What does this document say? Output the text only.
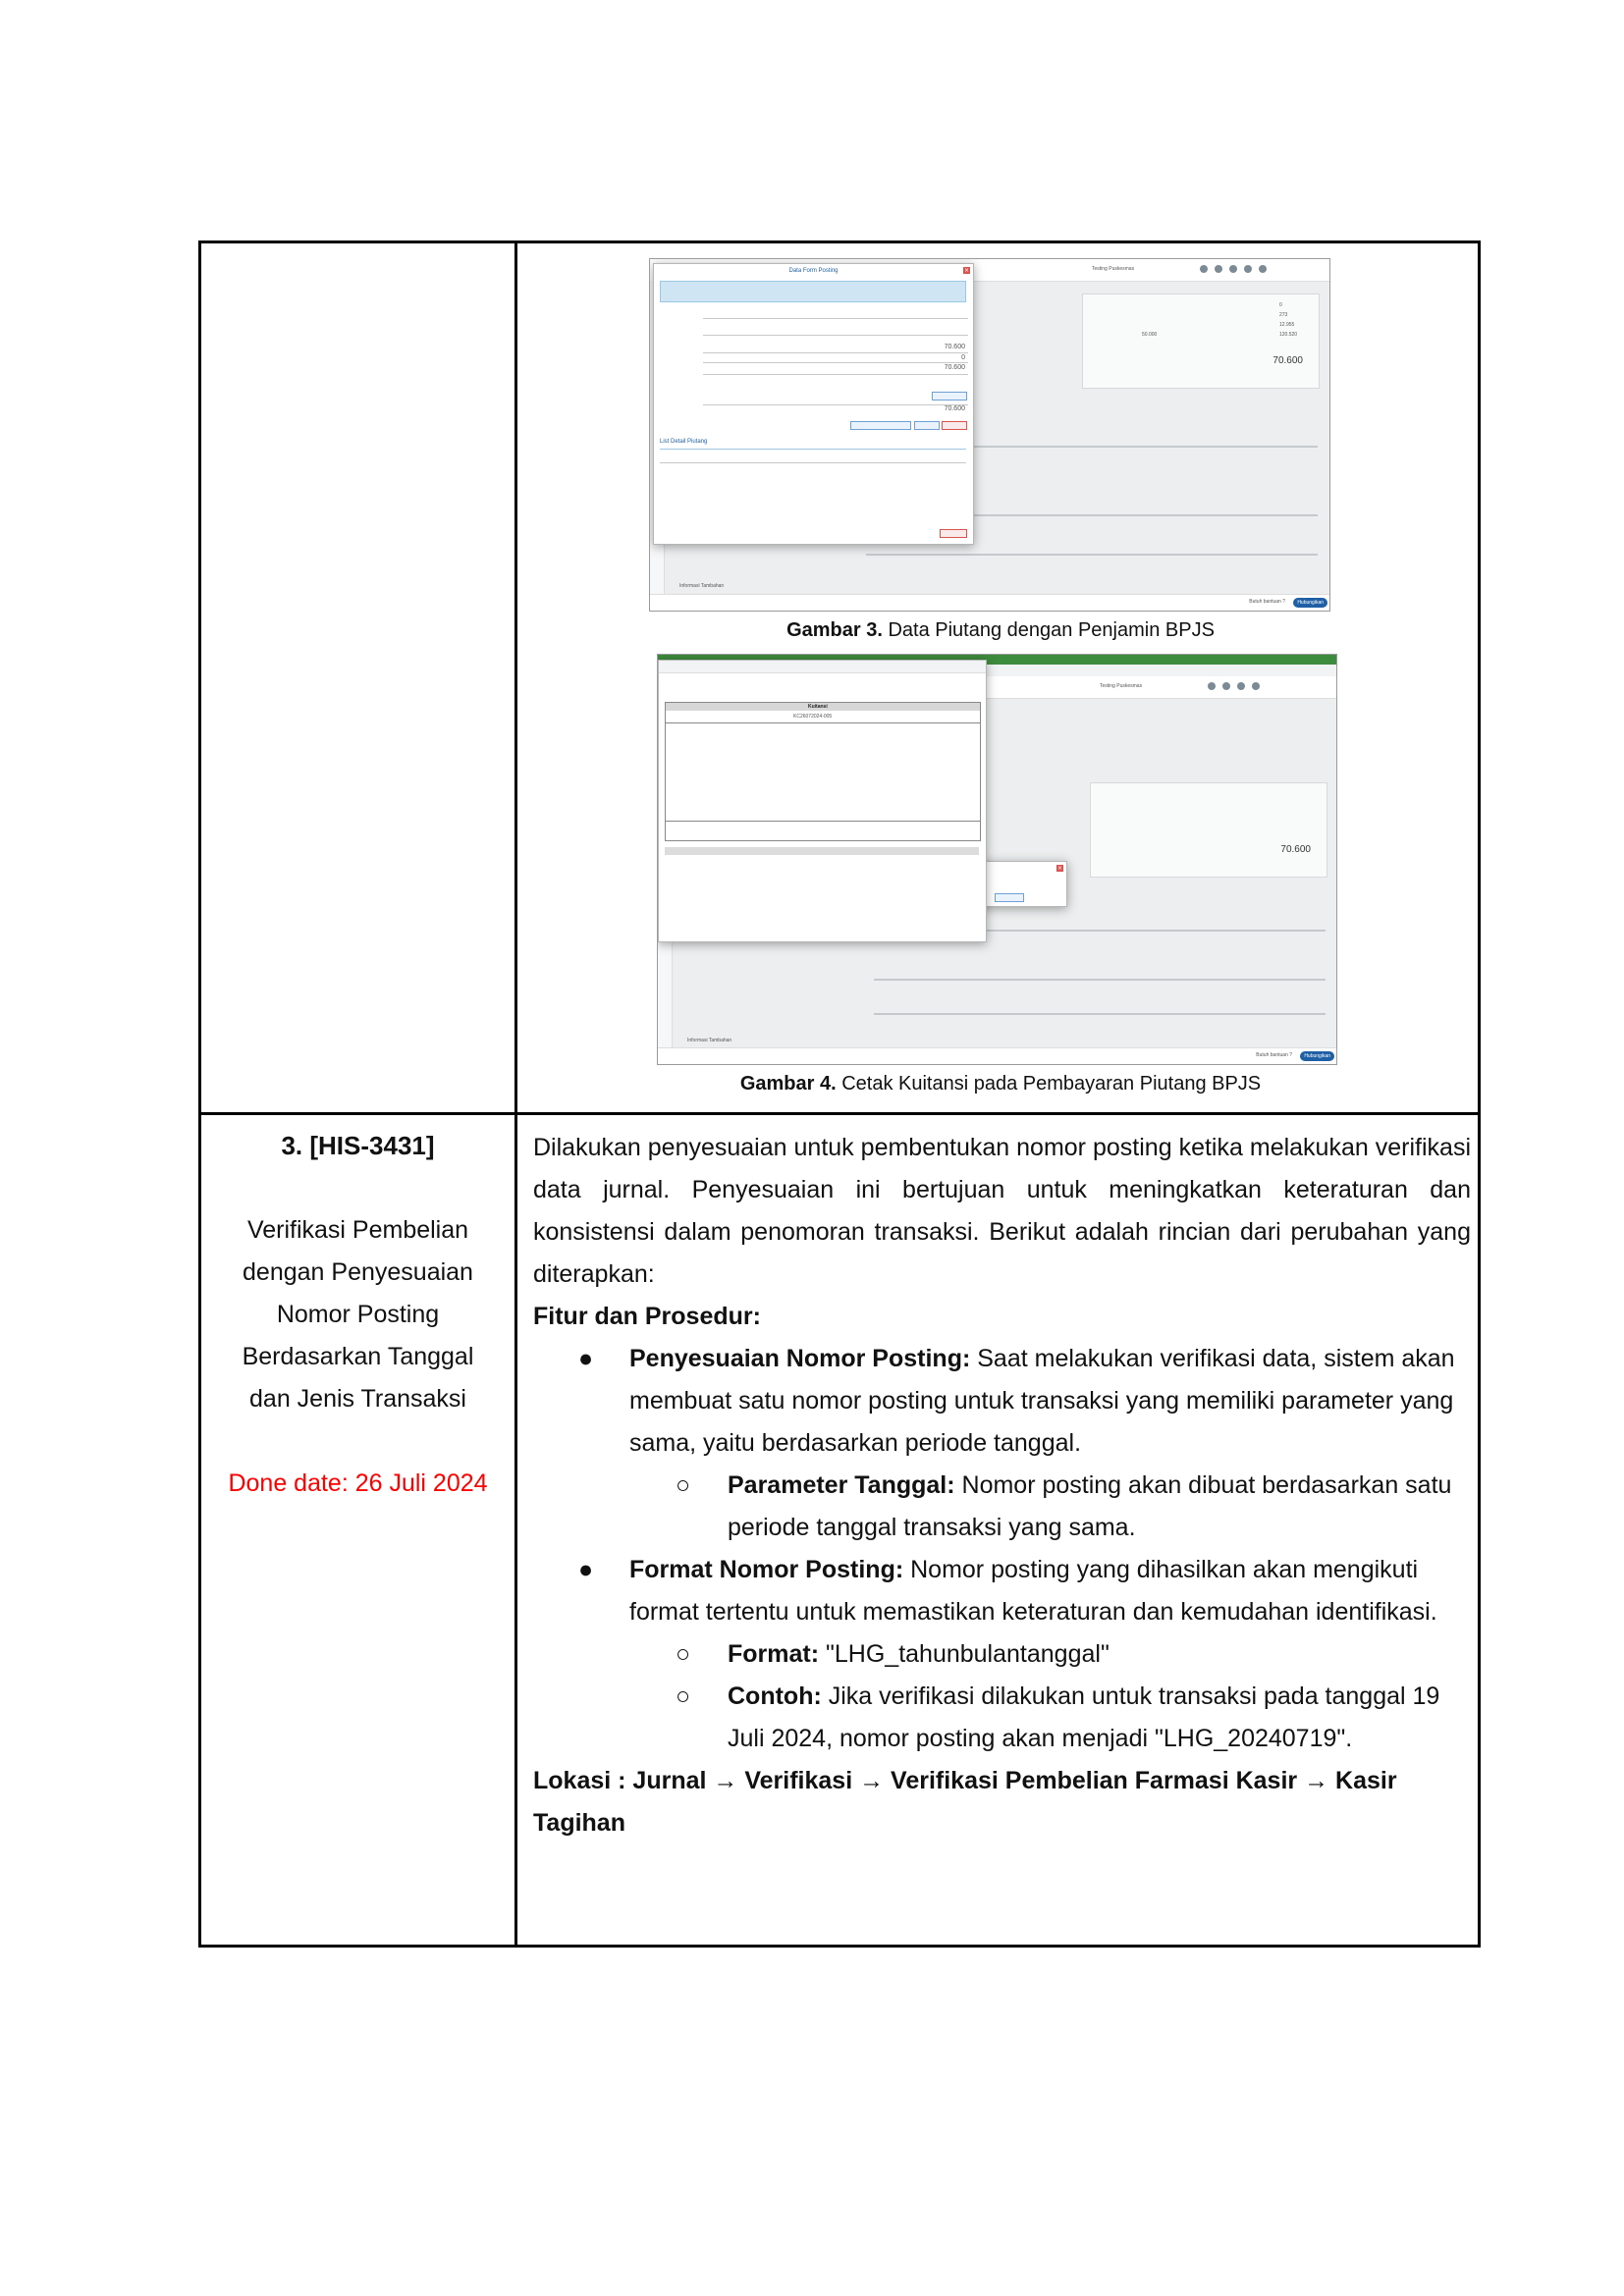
Testing Puskesmas
70.600
0
273
12.955
120.520
50.000
Informasi Tambahan
Hubungikan
Butuh bantuan ?
Data Form Posting	×
70.600
0
70.600
70.600
List Detail Piutang
Gambar 3. Data Piutang dengan Penjamin BPJS
Testing Puskesmas
70.600
Informasi Tambahan
×
Kuitansi
KC26072024-005
Hubungikan
Butuh bantuan ?
Gambar 4. Cetak Kuitansi pada Pembayaran Piutang BPJS
3. [HIS-3431]
Verifikasi Pembelian
dengan Penyesuaian
Nomor Posting
Berdasarkan Tanggal
dan Jenis Transaksi
Done date: 26 Juli 2024
Dilakukan penyesuaian untuk pembentukan nomor posting ketika melakukan verifikasi data jurnal. Penyesuaian ini bertujuan untuk meningkatkan keteraturan dan konsistensi dalam penomoran transaksi. Berikut adalah rincian dari perubahan yang diterapkan:
Fitur dan Prosedur:
● Penyesuaian Nomor Posting: Saat melakukan verifikasi data, sistem akan membuat satu nomor posting untuk transaksi yang memiliki parameter yang sama, yaitu berdasarkan periode tanggal.
○ Parameter Tanggal: Nomor posting akan dibuat berdasarkan satu periode tanggal transaksi yang sama.
● Format Nomor Posting: Nomor posting yang dihasilkan akan mengikuti format tertentu untuk memastikan keteraturan dan kemudahan identifikasi.
○ Format: "LHG_tahunbulantanggal"
○ Contoh: Jika verifikasi dilakukan untuk transaksi pada tanggal 19 Juli 2024, nomor posting akan menjadi "LHG_20240719".
Lokasi : Jurnal → Verifikasi → Verifikasi Pembelian Farmasi Kasir → Kasir Tagihan
